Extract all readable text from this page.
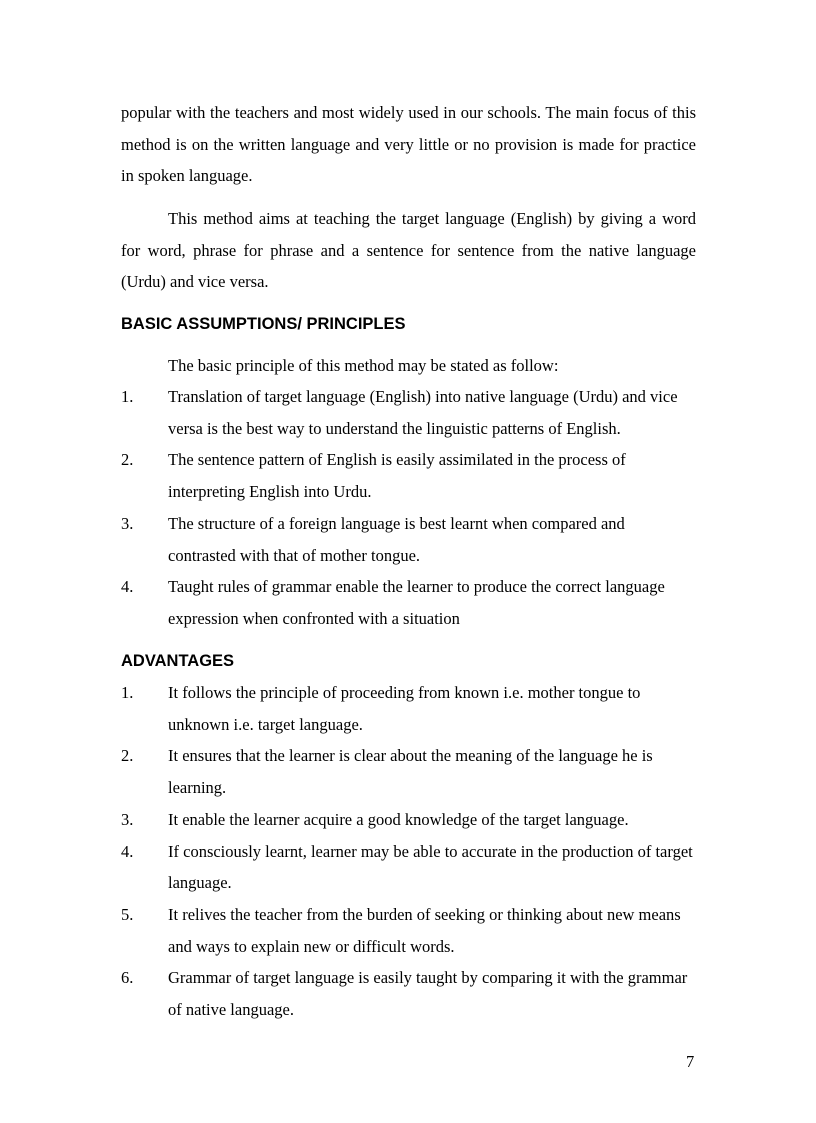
popular with the teachers and most widely used in our schools. The main focus of this method is on the written language and very little or no provision is made for practice in spoken language.

This method aims at teaching the target language (English) by giving a word for word, phrase for phrase and a sentence for sentence from the native language (Urdu) and vice versa.

BASIC ASSUMPTIONS/ PRINCIPLES
The basic principle of this method may be stated as follow:
1. Translation of target language (English) into native language (Urdu) and vice versa is the best way to understand the linguistic patterns of English.
2. The sentence pattern of English is easily assimilated in the process of interpreting English into Urdu.
3. The structure of a foreign language is best learnt when compared and contrasted with that of mother tongue.
4. Taught rules of grammar enable the learner to produce the correct language expression when confronted with a situation
ADVANTAGES
1. It follows the principle of proceeding from known i.e. mother tongue to unknown i.e. target language.
2. It ensures that the learner is clear about the meaning of the language he is learning.
3. It enable the learner acquire a good knowledge of the target language.
4. If consciously learnt, learner may be able to accurate in the production of target language.
5. It relives the teacher from the burden of seeking or thinking about new means and ways to explain new or difficult words.
6. Grammar of target language is easily taught by comparing it with the grammar of native language.
7
